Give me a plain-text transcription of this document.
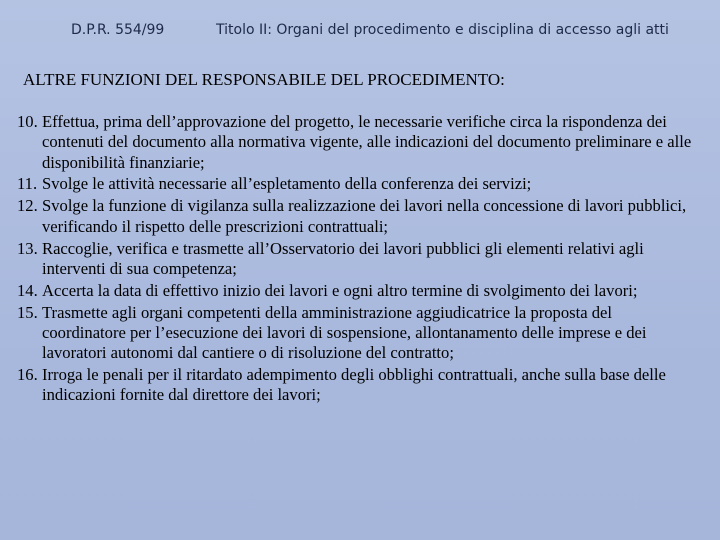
D.P.R. 554/99	Titolo II: Organi del procedimento e disciplina di accesso agli atti
ALTRE FUNZIONI DEL RESPONSABILE DEL PROCEDIMENTO:
10. Effettua, prima dell’approvazione del progetto, le necessarie verifiche circa la rispondenza dei contenuti del documento alla normativa vigente, alle indicazioni del documento preliminare e alle disponibilità finanziarie;
11. Svolge le attività necessarie all’espletamento della conferenza dei servizi;
12. Svolge la funzione di vigilanza sulla realizzazione dei lavori nella concessione di lavori pubblici, verificando il rispetto delle prescrizioni contrattuali;
13. Raccoglie, verifica e trasmette all’Osservatorio dei lavori pubblici gli elementi relativi agli interventi di sua competenza;
14. Accerta la data di effettivo inizio dei lavori e ogni altro termine di svolgimento dei lavori;
15. Trasmette agli organi competenti della amministrazione aggiudicatrice la proposta del coordinatore per l’esecuzione dei lavori di sospensione, allontanamento delle imprese e dei lavoratori autonomi dal cantiere o di risoluzione del contratto;
16. Irroga le penali per il ritardato adempimento degli obblighi contrattuali, anche sulla base delle indicazioni fornite dal direttore dei lavori;
